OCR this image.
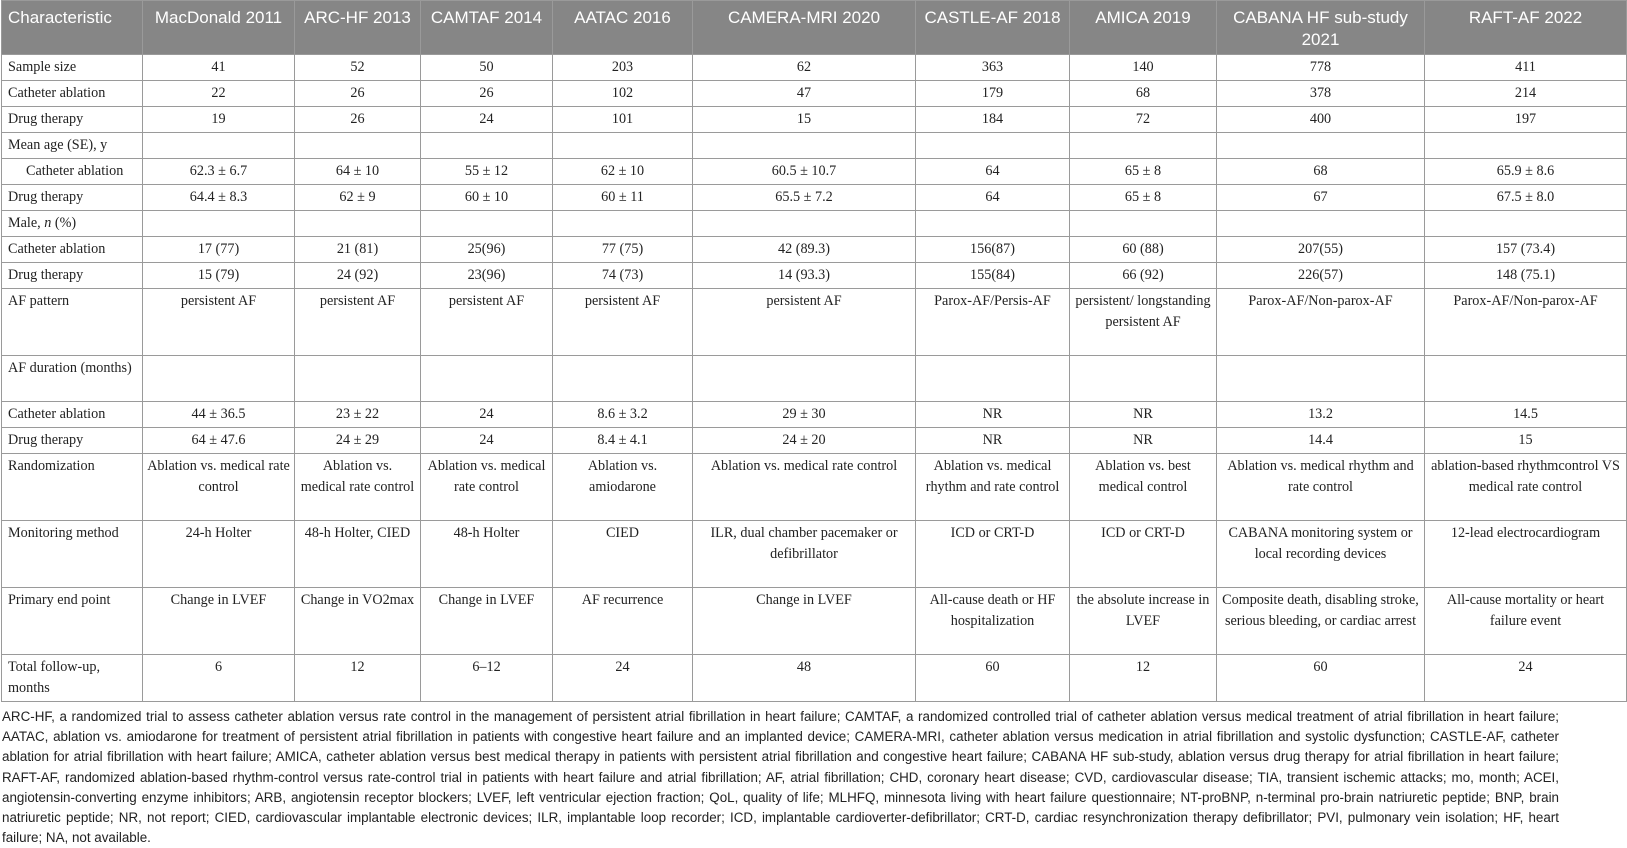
Characteristic	MacDonald 2011	ARC-HF 2013	CAMTAF 2014	AATAC 2016	CAMERA-MRI 2020	CASTLE-AF 2018	AMICA 2019	CABANA HF sub-study 2021	RAFT-AF 2022
Sample size	41	52	50	203	62	363	140	778	411
Catheter ablation	22	26	26	102	47	179	68	378	214
Drug therapy	19	26	24	101	15	184	72	400	197
Mean age (SE), y									
Catheter ablation	62.3 ± 6.7	64 ± 10	55 ± 12	62 ± 10	60.5 ± 10.7	64	65 ± 8	68	65.9 ± 8.6
Drug therapy	64.4 ± 8.3	62 ± 9	60 ± 10	60 ± 11	65.5 ± 7.2	64	65 ± 8	67	67.5 ± 8.0
Male, n (%)									
Catheter ablation	17 (77)	21 (81)	25(96)	77 (75)	42 (89.3)	156(87)	60 (88)	207(55)	157 (73.4)
Drug therapy	15 (79)	24 (92)	23(96)	74 (73)	14 (93.3)	155(84)	66 (92)	226(57)	148 (75.1)
AF pattern	persistent AF	persistent AF	persistent AF	persistent AF	persistent AF	Parox-AF/Persis-AF	persistent/ longstanding persistent AF	Parox-AF/Non-parox-AF	Parox-AF/Non-parox-AF
AF duration (months)									
Catheter ablation	44 ± 36.5	23 ± 22	24	8.6 ± 3.2	29 ± 30	NR	NR	13.2	14.5
Drug therapy	64 ± 47.6	24 ± 29	24	8.4 ± 4.1	24 ± 20	NR	NR	14.4	15
Randomization	Ablation vs. medical rate control	Ablation vs. medical rate control	Ablation vs. medical rate control	Ablation vs. amiodarone	Ablation vs. medical rate control	Ablation vs. medical rhythm and rate control	Ablation vs. best medical control	Ablation vs. medical rhythm and rate control	ablation-based rhythmcontrol VS medical rate control
Monitoring method	24-h Holter	48-h Holter, CIED	48-h Holter	CIED	ILR, dual chamber pacemaker or defibrillator	ICD or CRT-D	ICD or CRT-D	CABANA monitoring system or local recording devices	12-lead electrocardiogram
Primary end point	Change in LVEF	Change in VO2max	Change in LVEF	AF recurrence	Change in LVEF	All-cause death or HF hospitalization	the absolute increase in LVEF	Composite death, disabling stroke, serious bleeding, or cardiac arrest	All-cause mortality or heart failure event
Total follow-up, months	6	12	6–12	24	48	60	12	60	24

ARC-HF, a randomized trial to assess catheter ablation versus rate control in the management of persistent atrial fibrillation in heart failure; CAMTAF, a randomized controlled trial of catheter ablation versus medical treatment of atrial fibrillation in heart failure; AATAC, ablation vs. amiodarone for treatment of persistent atrial fibrillation in patients with congestive heart failure and an implanted device; CAMERA-MRI, catheter ablation versus medication in atrial fibrillation and systolic dysfunction; CASTLE-AF, catheter ablation for atrial fibrillation with heart failure; AMICA, catheter ablation versus best medical therapy in patients with persistent atrial fibrillation and congestive heart failure; CABANA HF sub-study, ablation versus drug therapy for atrial fibrillation in heart failure; RAFT-AF, randomized ablation-based rhythm-control versus rate-control trial in patients with heart failure and atrial fibrillation; AF, atrial fibrillation; CHD, coronary heart disease; CVD, cardiovascular disease; TIA, transient ischemic attacks; mo, month; ACEI, angiotensin-converting enzyme inhibitors; ARB, angiotensin receptor blockers; LVEF, left ventricular ejection fraction; QoL, quality of life; MLHFQ, minnesota living with heart failure questionnaire; NT-proBNP, n-terminal pro-brain natriuretic peptide; BNP, brain natriuretic peptide; NR, not report; CIED, cardiovascular implantable electronic devices; ILR, implantable loop recorder; ICD, implantable cardioverter-defibrillator; CRT-D, cardiac resynchronization therapy defibrillator; PVI, pulmonary vein isolation; HF, heart failure; NA, not available.
